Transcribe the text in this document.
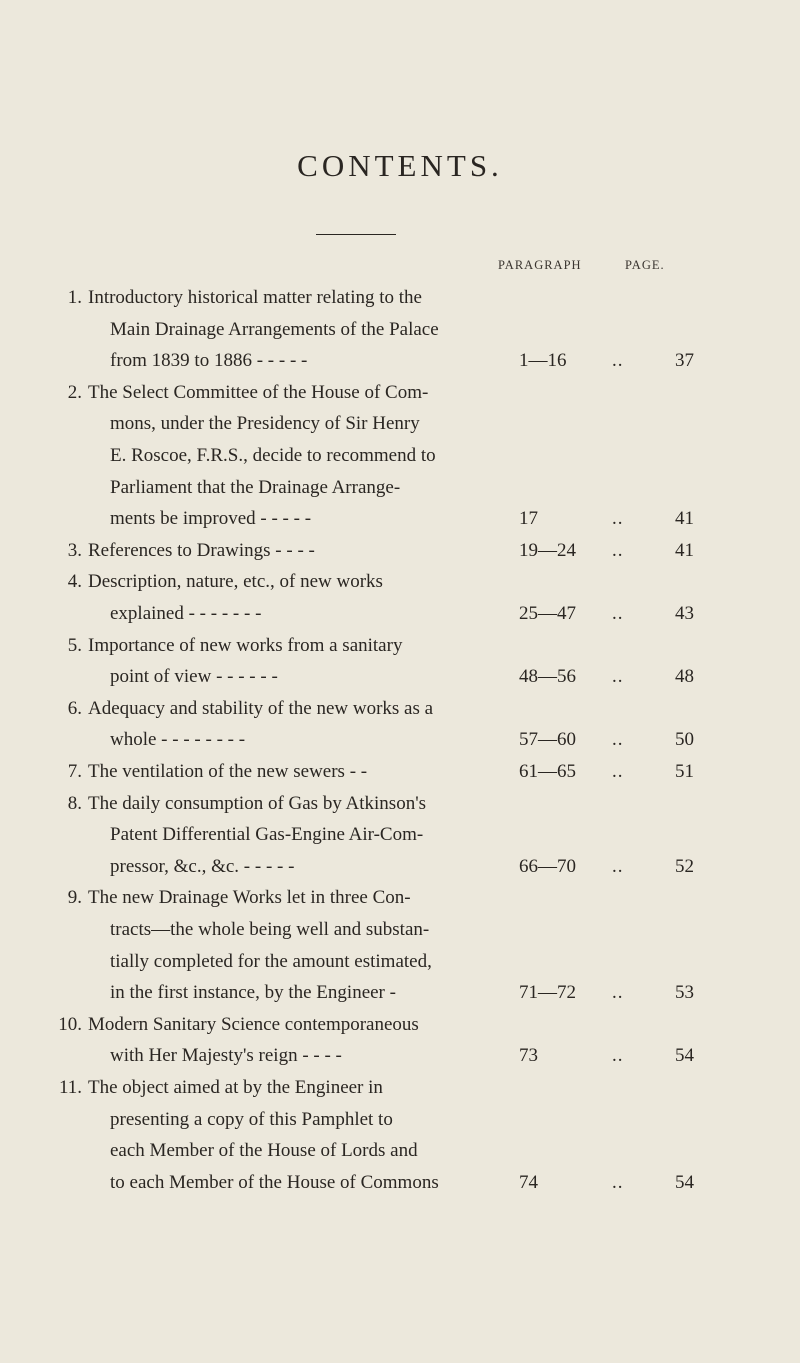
CONTENTS.
PARAGRAPH	PAGE.
1. Introductory historical matter relating to the
Main Drainage Arrangements of the Palace
from 1839 to 1886 - - - - -	1—16 ..	37
2. The Select Committee of the House of Com-
mons, under the Presidency of Sir Henry
E. Roscoe, F.R.S., decide to recommend to
Parliament that the Drainage Arrange-
ments be improved - - - - -	17	..	41
3. References to Drawings - - - -	19—24 ..	41
4. Description, nature, etc., of new works
explained - - - - - - -	25—47 ..	43
5. Importance of new works from a sanitary
point of view - - - - - -	48—56 ..	48
6. Adequacy and stability of the new works as a
whole - - - - - - - -	57—60 ..	50
7. The ventilation of the new sewers - -	61—65 ..	51
8. The daily consumption of Gas by Atkinson's
Patent Differential Gas-Engine Air-Com-
pressor, &c., &c. - - - - -	66—70 ..	52
9. The new Drainage Works let in three Con-
tracts—the whole being well and substan-
tially completed for the amount estimated,
in the first instance, by the Engineer -	71—72 ..	53
10. Modern Sanitary Science contemporaneous
with Her Majesty's reign - - - -	73	..	54
11. The object aimed at by the Engineer in
presenting a copy of this Pamphlet to
each Member of the House of Lords and
to each Member of the House of Commons	74	..	54
